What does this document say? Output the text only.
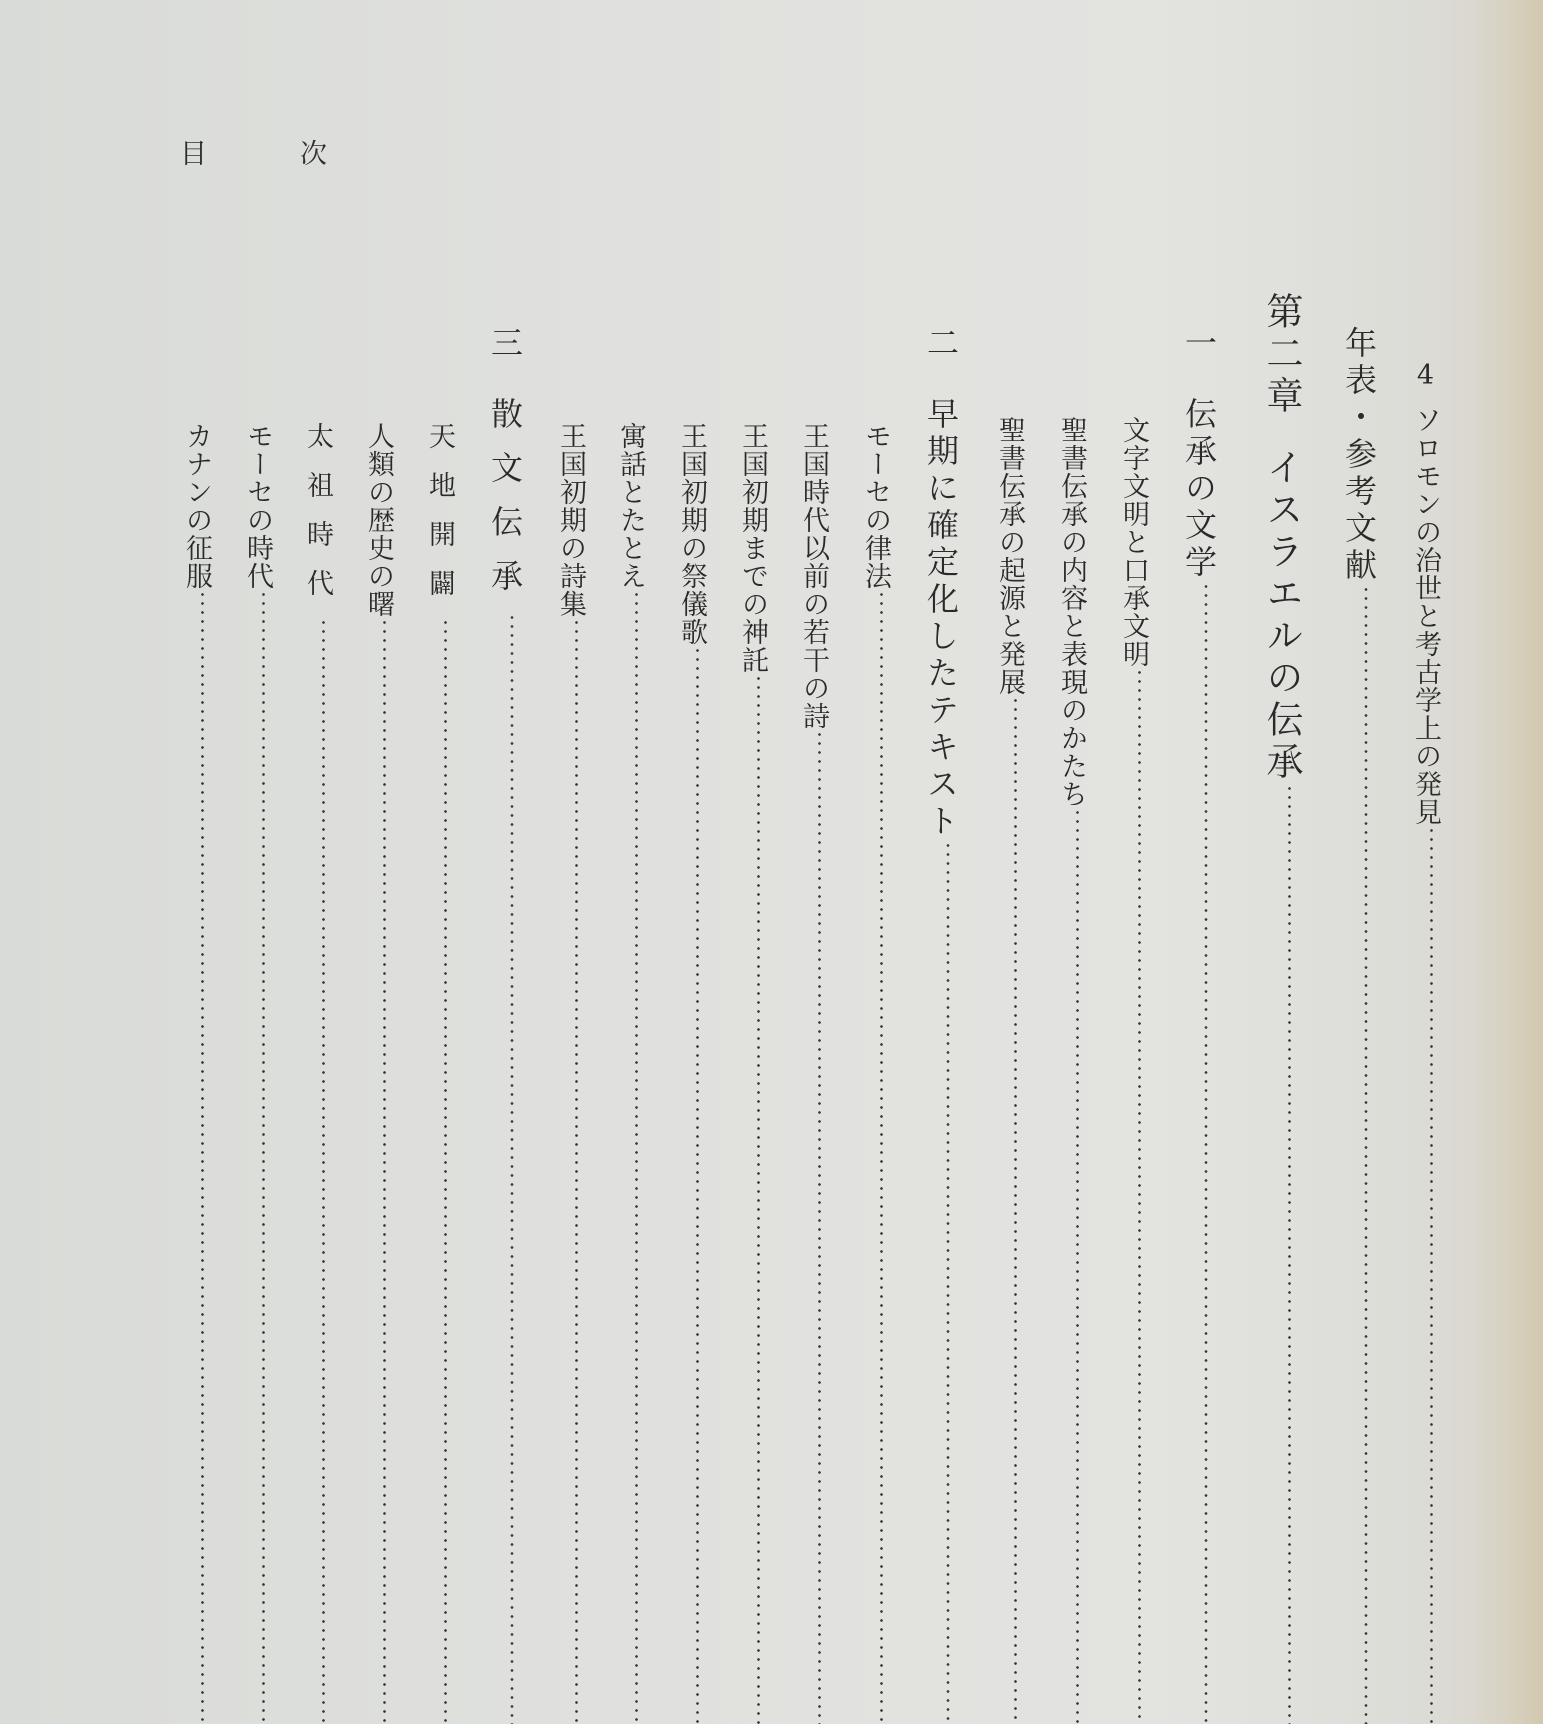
目	次
4ソロモンの治世と考古学上の発見
年表・参考文献
第二章イスラエルの伝承
一伝承の文学
文字文明と口承文明
聖書伝承の内容と表現のかたち
聖書伝承の起源と発展
二早期に確定化したテキスト
モーセの律法
王国時代以前の若干の詩
王国初期までの神託
王国初期の祭儀歌
寓話とたとえ
王国初期の詩集
三散文伝承
天地開闢
人類の歴史の曙
太祖時代
モーセの時代
カナンの征服
